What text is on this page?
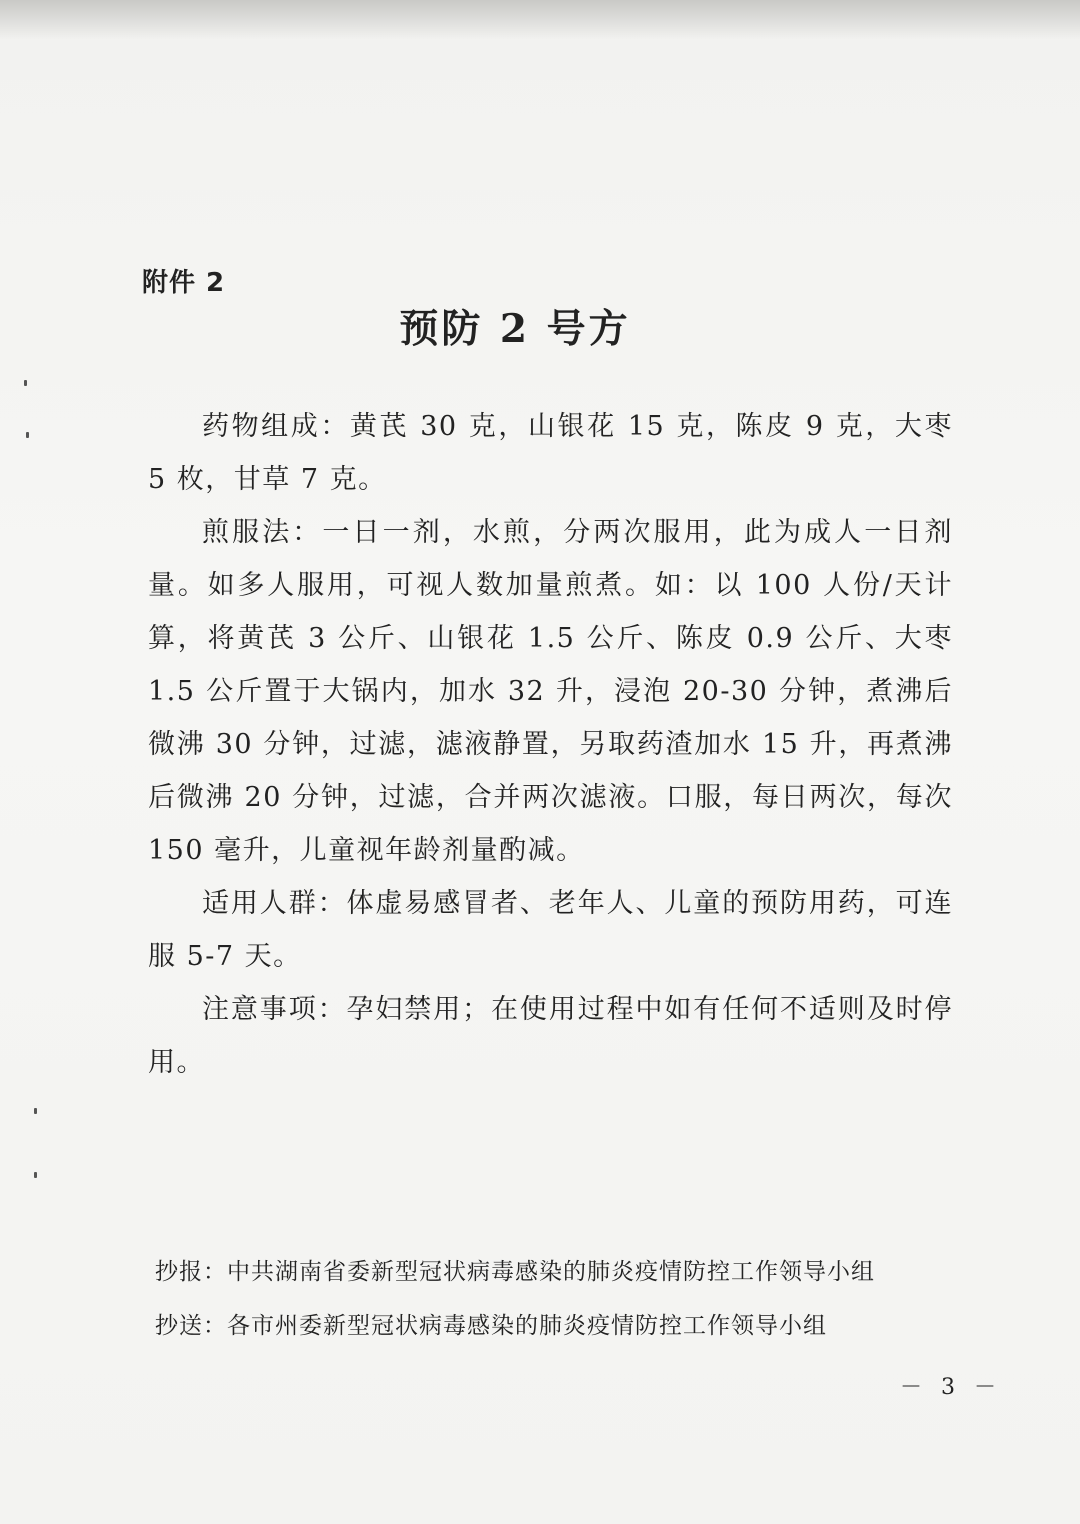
附件 2
预防 2 号方

药物组成：黄芪 30 克，山银花 15 克，陈皮 9 克，大枣 5 枚，甘草 7 克。

煎服法：一日一剂，水煎，分两次服用，此为成人一日剂量。如多人服用，可视人数加量煎煮。如：以 100 人份/天计算，将黄芪 3 公斤、山银花 1.5 公斤、陈皮 0.9 公斤、大枣 1.5 公斤置于大锅内，加水 32 升，浸泡 20-30 分钟，煮沸后微沸 30 分钟，过滤，滤液静置，另取药渣加水 15 升，再煮沸后微沸 20 分钟，过滤，合并两次滤液。口服，每日两次，每次 150 毫升，儿童视年龄剂量酌减。

适用人群：体虚易感冒者、老年人、儿童的预防用药，可连服 5-7 天。

注意事项：孕妇禁用；在使用过程中如有任何不适则及时停用。

抄报：中共湖南省委新型冠状病毒感染的肺炎疫情防控工作领导小组

抄送：各市州委新型冠状病毒感染的肺炎疫情防控工作领导小组

－ 3 －
